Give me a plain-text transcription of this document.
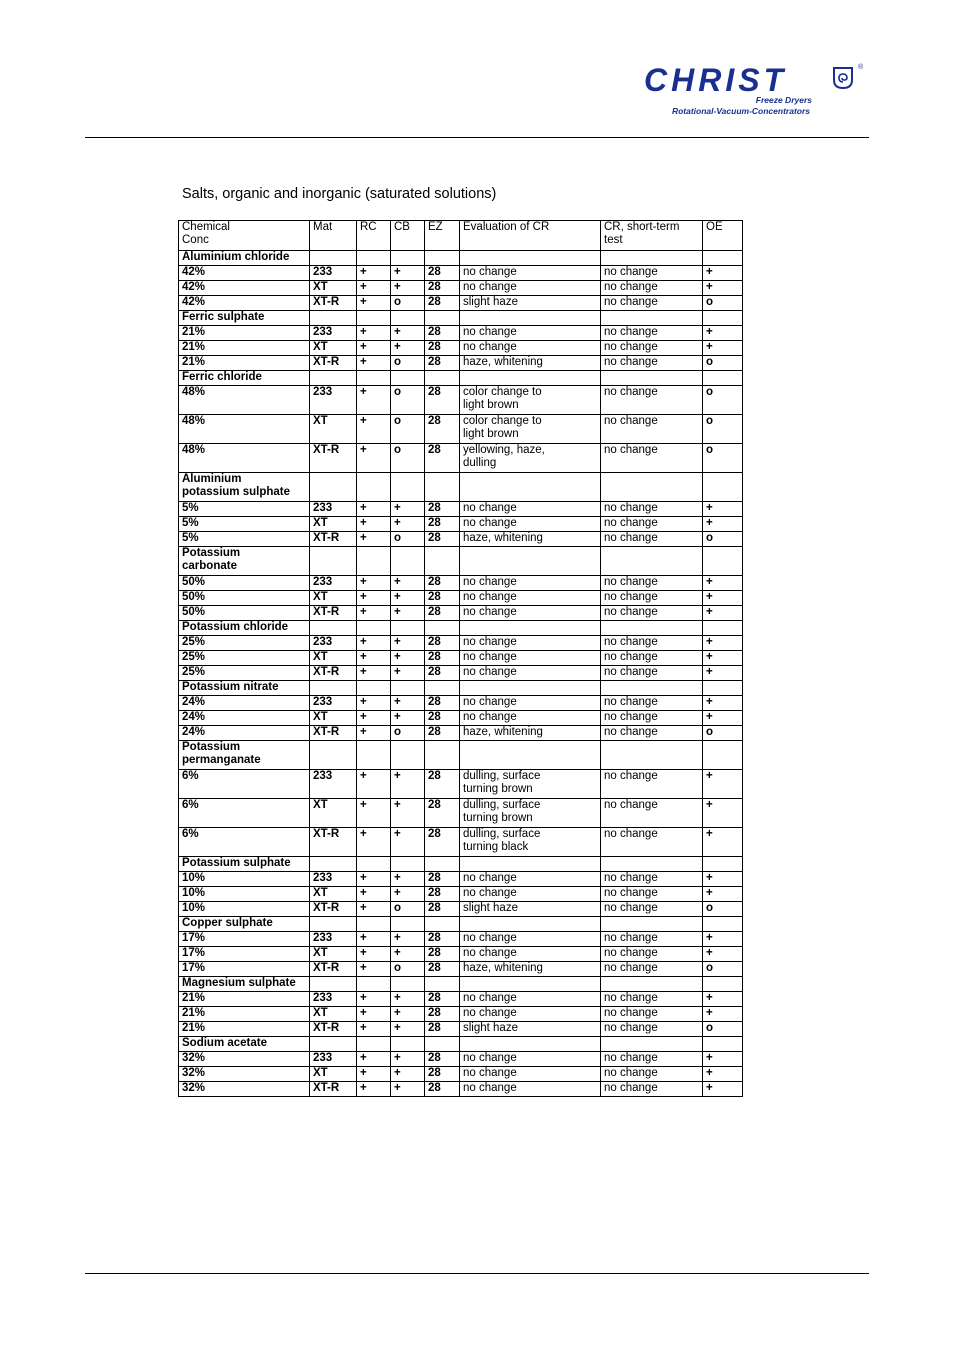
CHRIST	®
Freeze Dryers
Rotational-Vacuum-Concentrators
Salts, organic and inorganic (saturated solutions)
Chemical
Conc	Mat	RC	CB	EZ	Evaluation of CR	CR, short-term
test	OE
Aluminium chloride							
42%	233	+	+	28	no change	no change	+
42%	XT	+	+	28	no change	no change	+
42%	XT-R	+	o	28	slight haze	no change	o
Ferric sulphate							
21%	233	+	+	28	no change	no change	+
21%	XT	+	+	28	no change	no change	+
21%	XT-R	+	o	28	haze, whitening	no change	o
Ferric chloride							
48%	233	+	o	28	color change to
light brown	no change	o
48%	XT	+	o	28	color change to
light brown	no change	o
48%	XT-R	+	o	28	yellowing, haze,
dulling	no change	o
Aluminium
potassium sulphate							
5%	233	+	+	28	no change	no change	+
5%	XT	+	+	28	no change	no change	+
5%	XT-R	+	o	28	haze, whitening	no change	o
Potassium
carbonate							
50%	233	+	+	28	no change	no change	+
50%	XT	+	+	28	no change	no change	+
50%	XT-R	+	+	28	no change	no change	+
Potassium chloride							
25%	233	+	+	28	no change	no change	+
25%	XT	+	+	28	no change	no change	+
25%	XT-R	+	+	28	no change	no change	+
Potassium nitrate							
24%	233	+	+	28	no change	no change	+
24%	XT	+	+	28	no change	no change	+
24%	XT-R	+	o	28	haze, whitening	no change	o
Potassium
permanganate							
6%	233	+	+	28	dulling, surface
turning brown	no change	+
6%	XT	+	+	28	dulling, surface
turning brown	no change	+
6%	XT-R	+	+	28	dulling, surface
turning black	no change	+
Potassium sulphate							
10%	233	+	+	28	no change	no change	+
10%	XT	+	+	28	no change	no change	+
10%	XT-R	+	o	28	slight haze	no change	o
Copper sulphate							
17%	233	+	+	28	no change	no change	+
17%	XT	+	+	28	no change	no change	+
17%	XT-R	+	o	28	haze, whitening	no change	o
Magnesium sulphate							
21%	233	+	+	28	no change	no change	+
21%	XT	+	+	28	no change	no change	+
21%	XT-R	+	+	28	slight haze	no change	o
Sodium acetate							
32%	233	+	+	28	no change	no change	+
32%	XT	+	+	28	no change	no change	+
32%	XT-R	+	+	28	no change	no change	+
